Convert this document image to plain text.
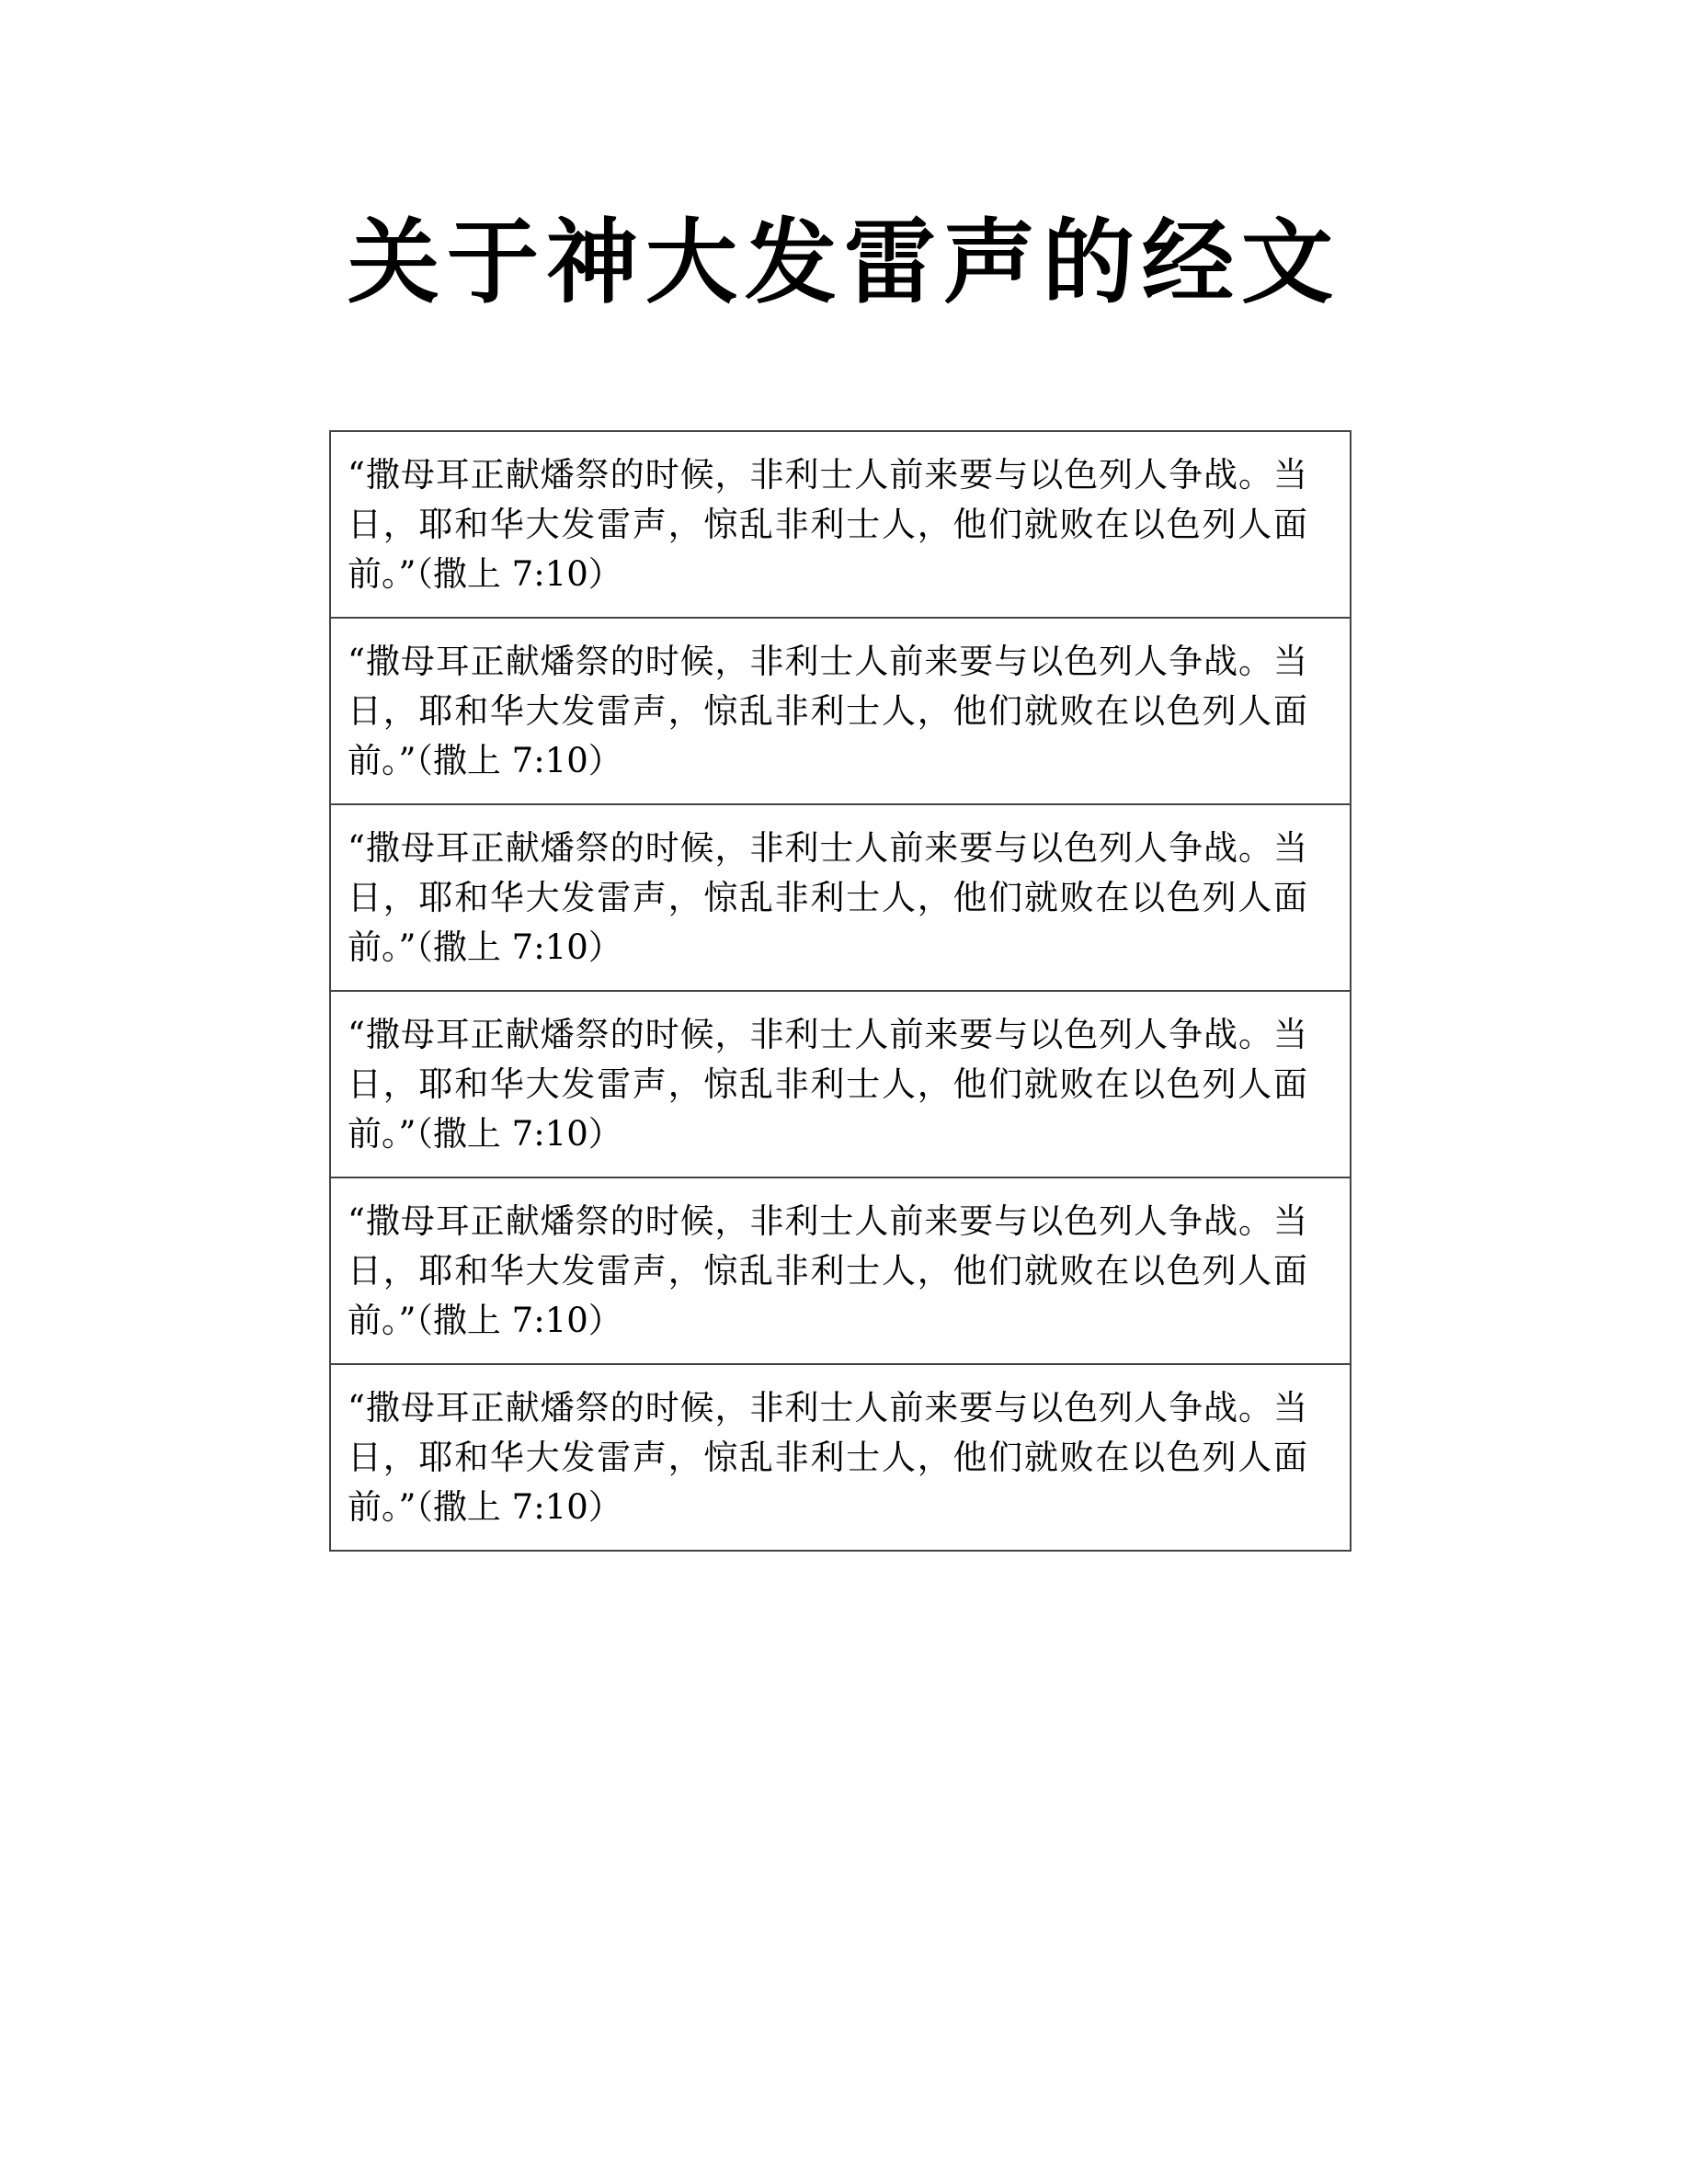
关于神大发雷声的经文
“撒母耳正献燔祭的时候，非利士人前来要与以色列人争战。当日，耶和华大发雷声，惊乱非利士人，他们就败在以色列人面前。”（撒上 7:10）
“撒母耳正献燔祭的时候，非利士人前来要与以色列人争战。当日，耶和华大发雷声，惊乱非利士人，他们就败在以色列人面前。”（撒上 7:10）
“撒母耳正献燔祭的时候，非利士人前来要与以色列人争战。当日，耶和华大发雷声，惊乱非利士人，他们就败在以色列人面前。”（撒上 7:10）
“撒母耳正献燔祭的时候，非利士人前来要与以色列人争战。当日，耶和华大发雷声，惊乱非利士人，他们就败在以色列人面前。”（撒上 7:10）
“撒母耳正献燔祭的时候，非利士人前来要与以色列人争战。当日，耶和华大发雷声，惊乱非利士人，他们就败在以色列人面前。”（撒上 7:10）
“撒母耳正献燔祭的时候，非利士人前来要与以色列人争战。当日，耶和华大发雷声，惊乱非利士人，他们就败在以色列人面前。”（撒上 7:10）
